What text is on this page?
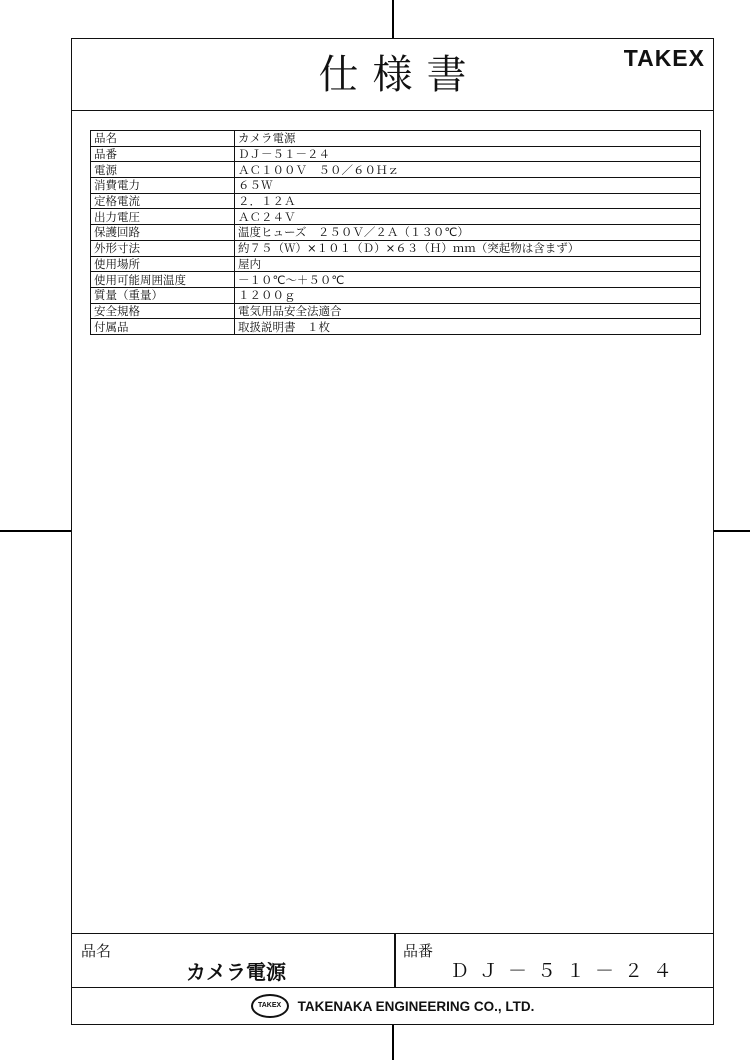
仕様書	TAKEX
品名	カメラ電源
品番	ＤＪ－５１－２４
電源	ＡＣ１００Ｖ　５０／６０Ｈｚ
消費電力	６５Ｗ
定格電流	２．１２Ａ
出力電圧	ＡＣ２４Ｖ
保護回路	温度ヒューズ　２５０Ｖ／２Ａ（１３０℃）
外形寸法	約７５（Ｗ）×１０１（Ｄ）×６３（Ｈ）ｍｍ（突起物は含まず）
使用場所	屋内
使用可能周囲温度	－１０℃～＋５０℃
質量（重量）	１２００ｇ
安全規格	電気用品安全法適合
付属品	取扱説明書　１枚
品名
カメラ電源
品番
ＤＪ－５１－２４
TAKEX TAKENAKA ENGINEERING CO., LTD.
